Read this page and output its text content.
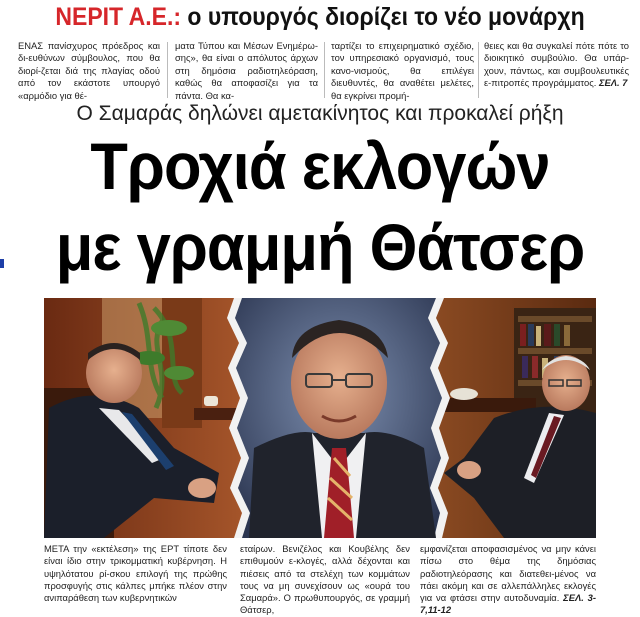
ΝΕΡΙΤ Α.Ε.: ο υπουργός διορίζει το νέο μονάρχη
ΕΝΑΣ πανίσχυρος πρόεδρος και δι-ευθύνων σύμβουλος, που θα διορί-ζεται διά της πλαγίας οδού από τον εκάστοτε υπουργό «αρμόδιο για θέ-
ματα Τύπου και Μέσων Ενημέρω-σης», θα είναι ο απόλυτος άρχων στη δημόσια ραδιοτηλεόραση, καθώς θα αποφασίζει για τα πάντα. Θα κα-
ταρτίζει το επιχειρηματικό σχέδιο, τον υπηρεσιακό οργανισμό, τους κανο-νισμούς, θα επιλέγει διευθυντές, θα αναθέτει μελέτες, θα εγκρίνει προμή-
θειες και θα συγκαλεί πότε πότε το διοικητικό συμβούλιο. Θα υπάρ-χουν, πάντως, και συμβουλευτικές ε-πιτροπές προγράμματος. ΣΕΛ. 7
Ο Σαμαράς δηλώνει αμετακίνητος και προκαλεί ρήξη
Τροχιά εκλογών
με γραμμή Θάτσερ
ΜΕΤΑ την «εκτέλεση» της ΕΡΤ τίποτε δεν είναι ίδιο στην τρικομματική κυβέρνηση. Η υψηλότατου ρί-σκου επιλογή της πρώθης προσφυγής στις κάλπες μπήκε πλέον στην ανιπαράθεση των κυβερνητικών
εταίρων. Βενιζέλος και Κουβέλης δεν επιθυμούν ε-κλογές, αλλά δέχονται και πιέσεις από τα στελέχη των κομμάτων τους να μη συνεχίσουν ως «ουρά του Σαμαρά». Ο πρωθυπουργός, σε γραμμή Θάτσερ,
εμφανίζεται αποφασισμένος να μην κάνει πίσω στο θέμα της δημόσιας ραδιοτηλεόρασης και διατεθει-μένος να πάει ακόμη και σε αλλεπάλληλες εκλογές για να φτάσει στην αυτοδυναμία. ΣΕΛ. 3-7,11-12
